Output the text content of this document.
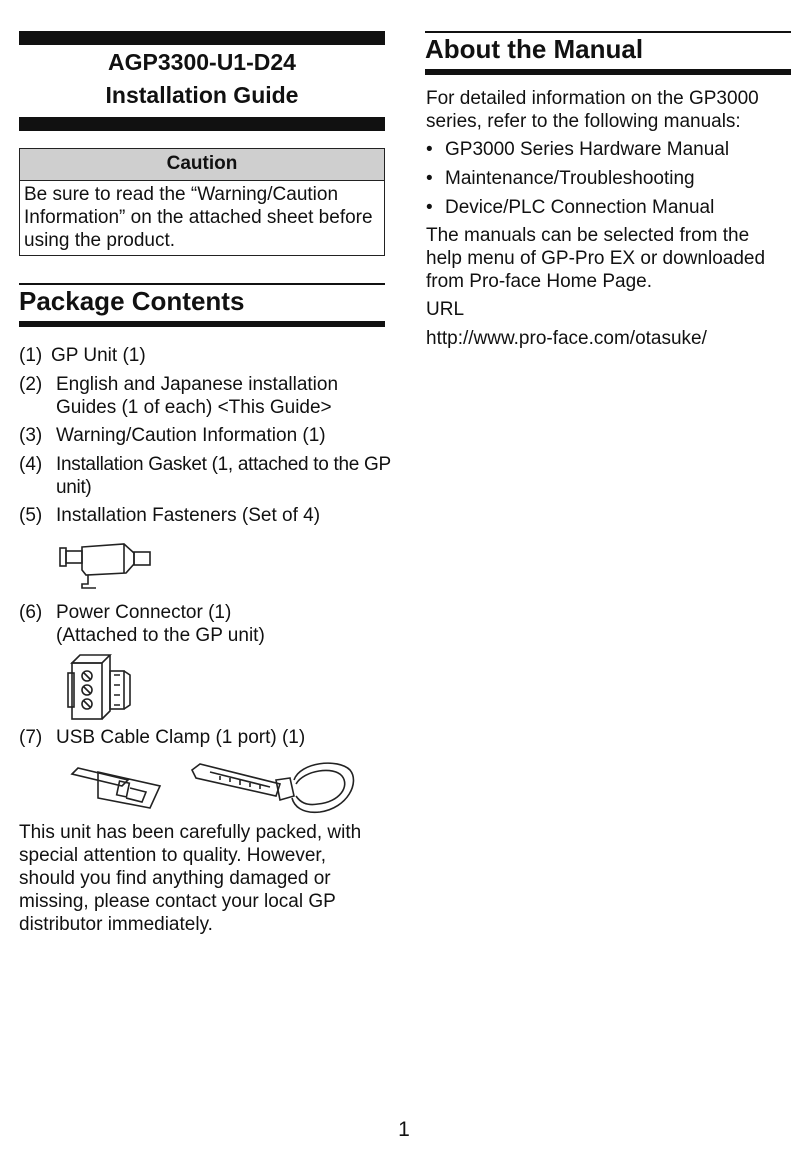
AGP3300-U1-D24
Installation Guide
Caution
Be sure to read the “Warning/Caution Information” on the attached sheet before using the product.
Package Contents
(1) GP Unit (1)
(2) English and Japanese installation Guides (1 of each) <This Guide>
(3) Warning/Caution Information (1)
(4) Installation Gasket (1, attached to the GP unit)
(5) Installation Fasteners (Set of 4)
(6) Power Connector (1) (Attached to the GP unit)
(7) USB Cable Clamp (1 port) (1)
This unit has been carefully packed, with special attention to quality. However, should you find anything damaged or missing, please contact your local GP distributor immediately.
About the Manual
For detailed information on the GP3000 series, refer to the following manuals:
• GP3000 Series Hardware Manual
• Maintenance/Troubleshooting
• Device/PLC Connection Manual
The manuals can be selected from the help menu of GP-Pro EX or downloaded from Pro-face Home Page.
URL
http://www.pro-face.com/otasuke/
1
